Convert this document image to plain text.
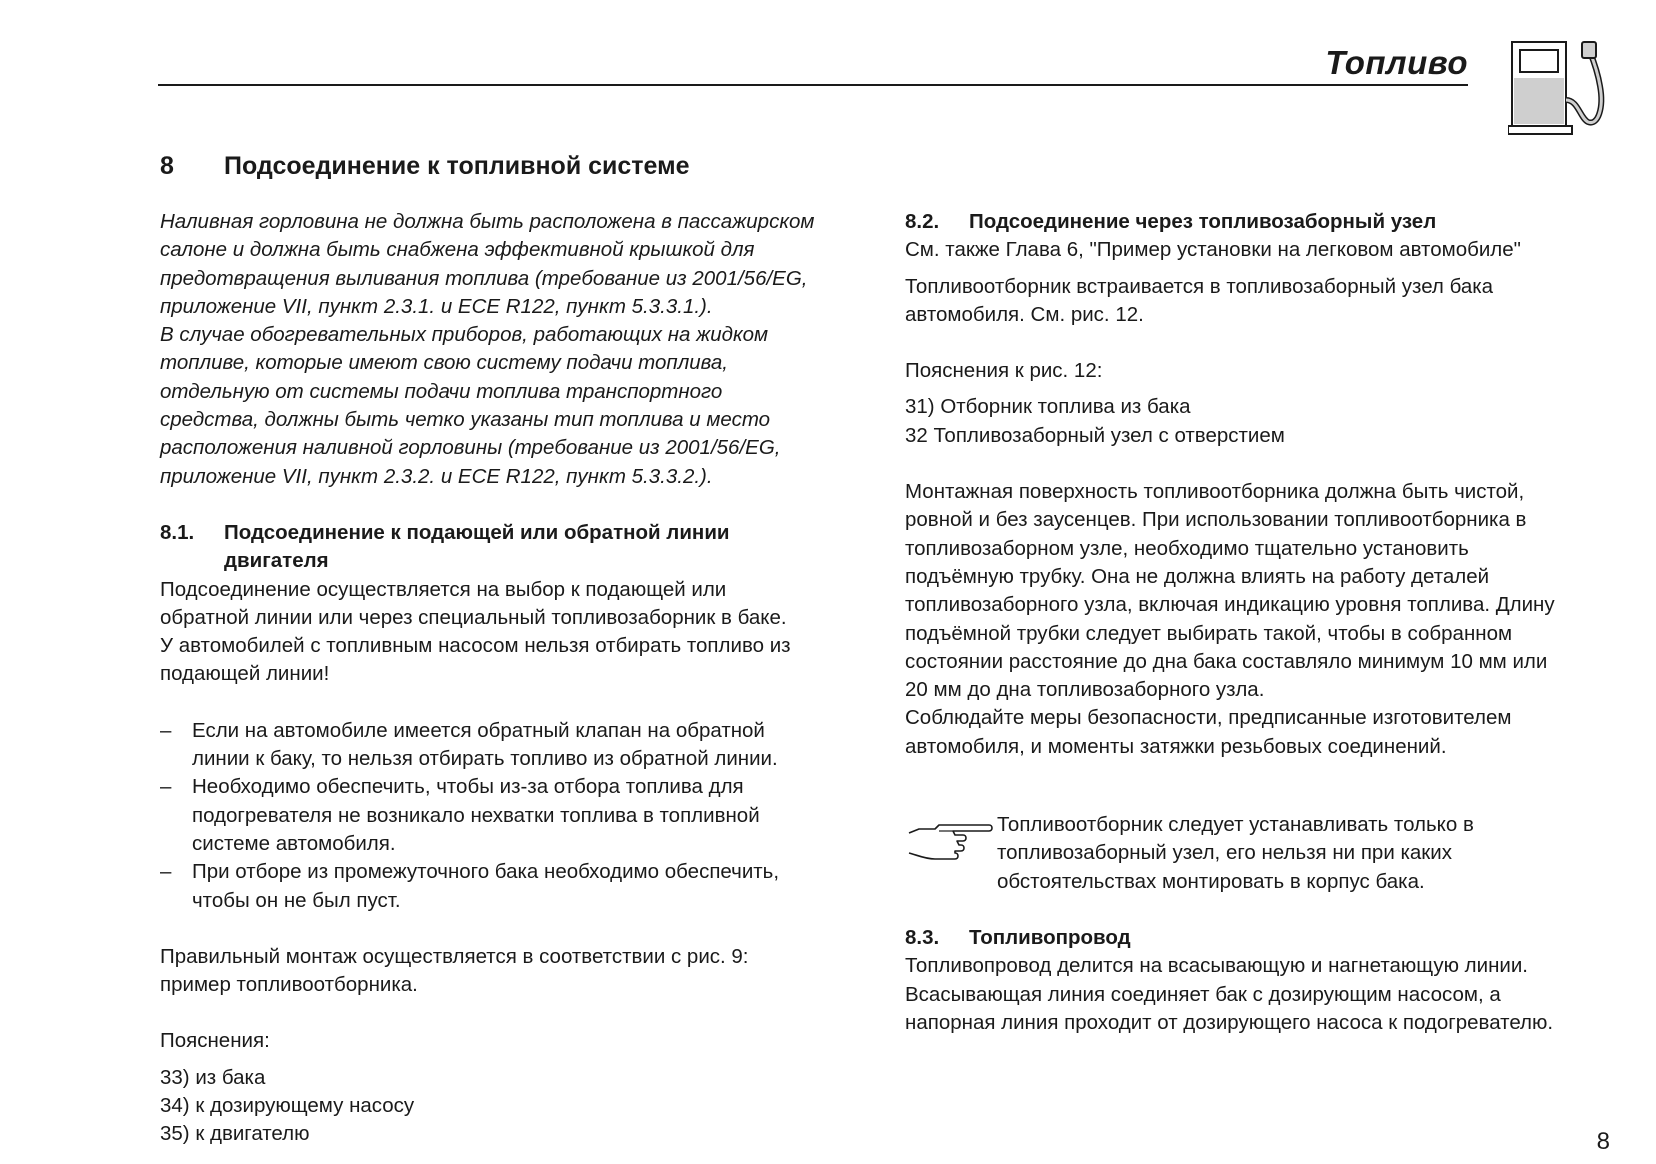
Топливо
8 Подсоединение к топливной системе
Наливная горловина не должна быть расположена в пассажирском
салоне и должна быть снабжена эффективной крышкой для
предотвращения выливания топлива (требование из 2001/56/EG,
приложение VII, пункт 2.3.1. и ECE R122, пункт 5.3.3.1.).
В случае обогревательных приборов, работающих на жидком
топливе, которые имеют свою систему подачи топлива,
отдельную от системы подачи топлива транспортного
средства, должны быть четко указаны тип топлива и место
расположения наливной горловины (требование из 2001/56/EG,
приложение VII, пункт 2.3.2. и ECE R122, пункт 5.3.3.2.).
8.1.	Подсоединение к подающей или обратной линии
двигателя
Подсоединение осуществляется на выбор к подающей или
обратной линии или через специальный топливозаборник в баке.
У автомобилей с топливным насосом нельзя отбирать топливо из
подающей линии!
–	Если на автомобиле имеется обратный клапан на обратной
линии к баку, то нельзя отбирать топливо из обратной линии.
–	Необходимо обеспечить, чтобы из-за отбора топлива для
подогревателя не возникало нехватки топлива в топливной
системе автомобиля.
–	При отборе из промежуточного бака необходимо обеспечить,
чтобы он не был пуст.
Правильный монтаж осуществляется в соответствии с рис. 9:
пример топливоотборника.
Пояснения:
33) из бака
34) к дозирующему насосу
35) к двигателю
8.2.	Подсоединение через топливозаборный узел
См. также Глава 6, "Пример установки на легковом автомобиле"
Топливоотборник встраивается в топливозаборный узел бака
автомобиля. См. рис. 12.
Пояснения к рис. 12:
31) Отборник топлива из бака
32 Топливозаборный узел с отверстием
Монтажная поверхность топливоотборника должна быть чистой,
ровной и без заусенцев. При использовании топливоотборника в
топливозаборном узле, необходимо тщательно установить
подъёмную трубку. Она не должна влиять на работу деталей
топливозаборного узла, включая индикацию уровня топлива. Длину
подъёмной трубки следует выбирать такой, чтобы в собранном
состоянии расстояние до дна бака составляло минимум 10 мм или
20 мм до дна топливозаборного узла.
Соблюдайте меры безопасности, предписанные изготовителем
автомобиля, и моменты затяжки резьбовых соединений.
Топливоотборник следует устанавливать только в
топливозаборный узел, его нельзя ни при каких
обстоятельствах монтировать в корпус бака.
8.3.	Топливопровод
Топливопровод делится на всасывающую и нагнетающую линии.
Всасывающая линия соединяет бак с дозирующим насосом, а
напорная линия проходит от дозирующего насоса к подогревателю.
8
